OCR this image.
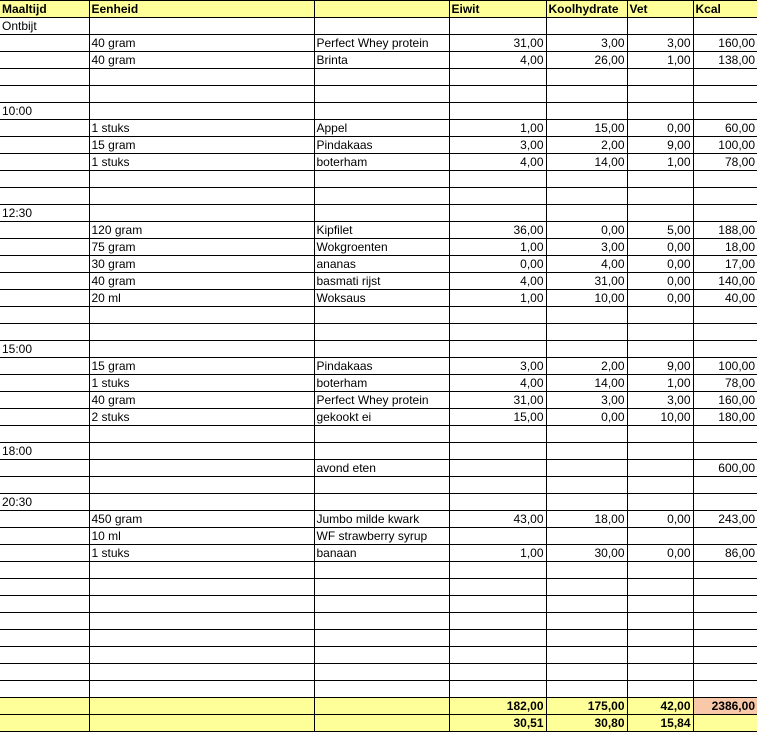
Maaltijd	Eenheid		Eiwit	Koolhydrate	Vet	Kcal
Ontbijt						
	40 gram	Perfect Whey protein	31,00	3,00	3,00	160,00
	40 gram	Brinta	4,00	26,00	1,00	138,00

10:00						
	1 stuks	Appel	1,00	15,00	0,00	60,00
	15 gram	Pindakaas	3,00	2,00	9,00	100,00
	1 stuks	boterham	4,00	14,00	1,00	78,00

12:30						
	120 gram	Kipfilet	36,00	0,00	5,00	188,00
	75 gram	Wokgroenten	1,00	3,00	0,00	18,00
	30 gram	ananas	0,00	4,00	0,00	17,00
	40 gram	basmati rijst	4,00	31,00	0,00	140,00
	20 ml	Woksaus	1,00	10,00	0,00	40,00

15:00						
	15 gram	Pindakaas	3,00	2,00	9,00	100,00
	1 stuks	boterham	4,00	14,00	1,00	78,00
	40 gram	Perfect Whey protein	31,00	3,00	3,00	160,00
	2 stuks	gekookt ei	15,00	0,00	10,00	180,00

18:00						
		avond eten				600,00

20:30						
	450 gram	Jumbo milde kwark	43,00	18,00	0,00	243,00
	10 ml	WF strawberry syrup				
	1 stuks	banaan	1,00	30,00	0,00	86,00

			182,00	175,00	42,00	2386,00
			30,51	30,80	15,84	
